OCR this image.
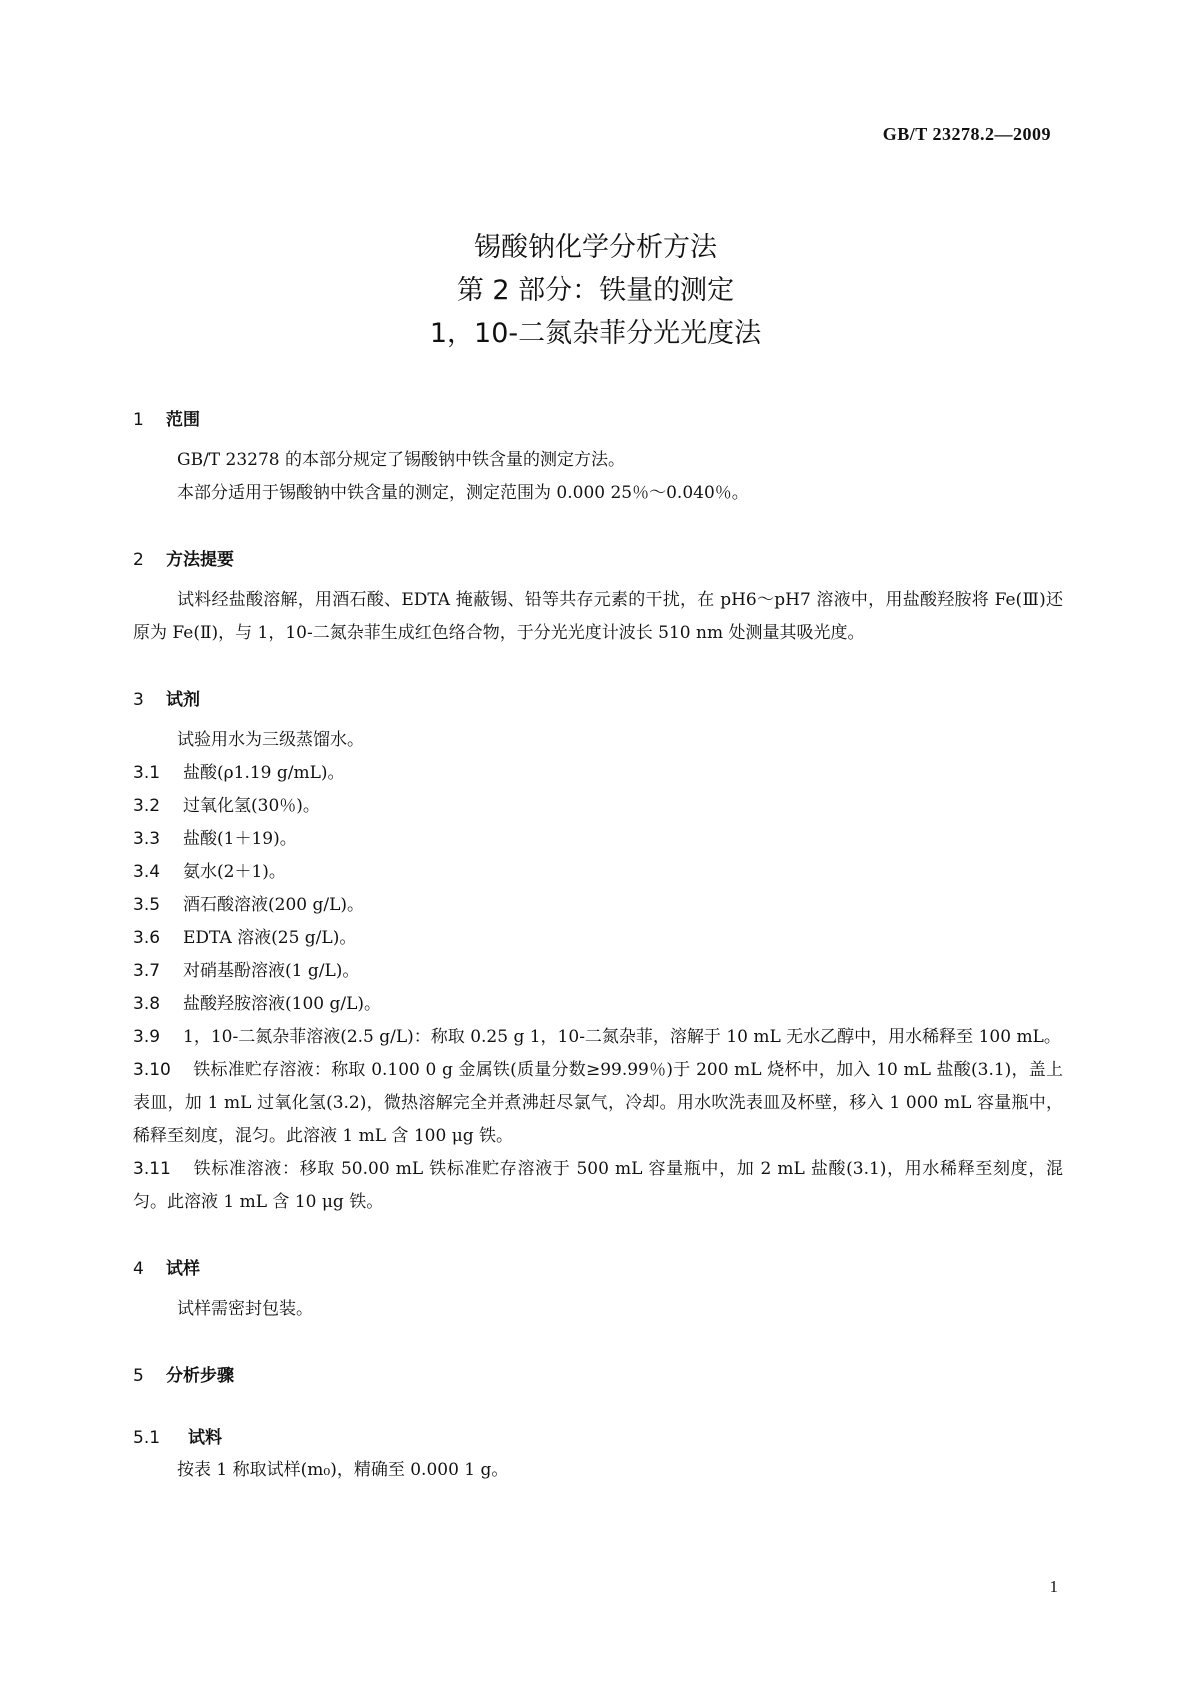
GB/T 23278.2—2009
锡酸钠化学分析方法
第 2 部分：铁量的测定
1，10-二氮杂菲分光光度法
1 范围
GB/T 23278 的本部分规定了锡酸钠中铁含量的测定方法。
本部分适用于锡酸钠中铁含量的测定，测定范围为 0.000 25％～0.040％。
2 方法提要
试料经盐酸溶解，用酒石酸、EDTA 掩蔽锡、铅等共存元素的干扰，在 pH6～pH7 溶液中，用盐酸羟胺将 Fe(Ⅲ)还原为 Fe(Ⅱ)，与 1，10-二氮杂菲生成红色络合物，于分光光度计波长 510 nm 处测量其吸光度。
3 试剂
试验用水为三级蒸馏水。
3.1 盐酸(ρ1.19 g/mL)。
3.2 过氧化氢(30％)。
3.3 盐酸(1＋19)。
3.4 氨水(2＋1)。
3.5 酒石酸溶液(200 g/L)。
3.6 EDTA 溶液(25 g/L)。
3.7 对硝基酚溶液(1 g/L)。
3.8 盐酸羟胺溶液(100 g/L)。
3.9 1，10-二氮杂菲溶液(2.5 g/L)：称取 0.25 g 1，10-二氮杂菲，溶解于 10 mL 无水乙醇中，用水稀释至 100 mL。
3.10 铁标准贮存溶液：称取 0.100 0 g 金属铁(质量分数≥99.99％)于 200 mL 烧杯中，加入 10 mL 盐酸(3.1)，盖上表皿，加 1 mL 过氧化氢(3.2)，微热溶解完全并煮沸赶尽氯气，冷却。用水吹洗表皿及杯壁，移入 1 000 mL 容量瓶中，稀释至刻度，混匀。此溶液 1 mL 含 100 μg 铁。
3.11 铁标准溶液：移取 50.00 mL 铁标准贮存溶液于 500 mL 容量瓶中，加 2 mL 盐酸(3.1)，用水稀释至刻度，混匀。此溶液 1 mL 含 10 μg 铁。
4 试样
试样需密封包装。
5 分析步骤
5.1 试料
按表 1 称取试样(m₀)，精确至 0.000 1 g。
1
